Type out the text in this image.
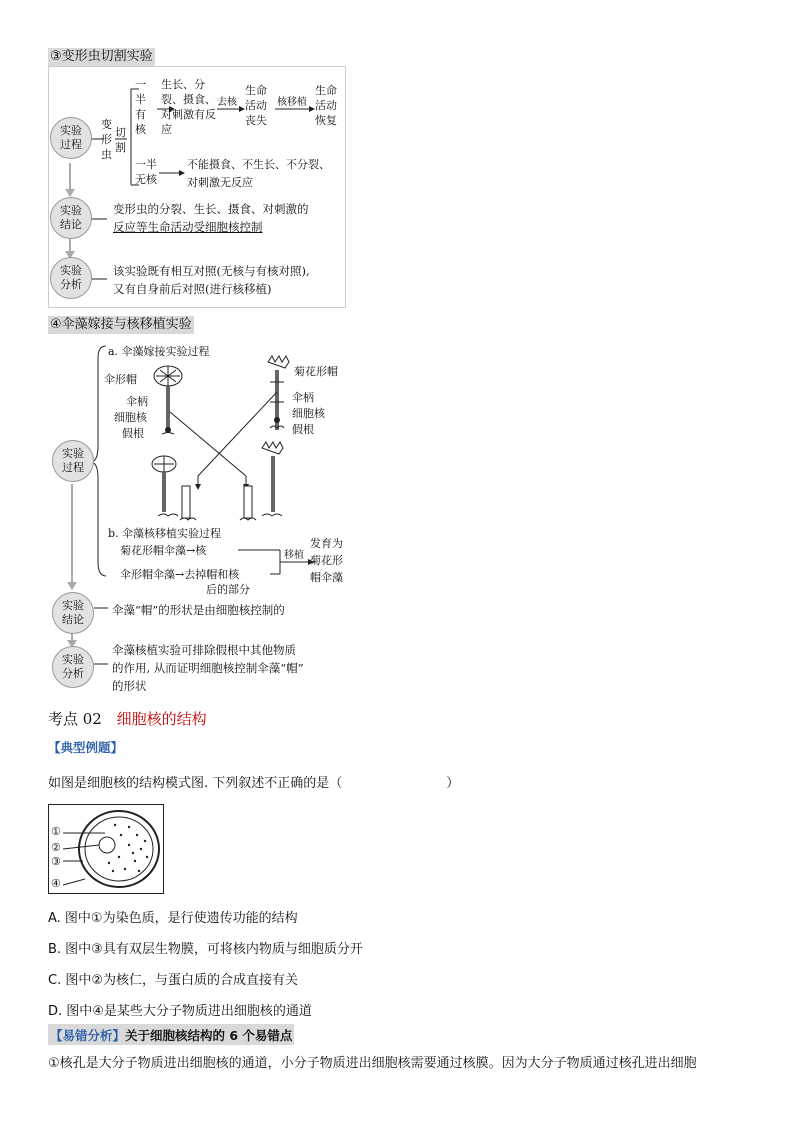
③变形虫切割实验
实验过程
实验结论
实验分析
变形虫
切割
一半有核
生长、分裂、摄食、对刺激有反应
去核
生命活动丧失
核移植
生命活动恢复
一半无核
不能摄食、不生长、不分裂、
对刺激无反应
变形虫的分裂、生长、摄食、对刺激的
反应等生命活动受细胞核控制
该实验既有相互对照(无核与有核对照),
又有自身前后对照(进行核移植)
④伞藻嫁接与核移植实验
实验过程
实验结论
实验分析
a. 伞藻嫁接实验过程
伞形帽
伞柄
细胞核
假根
菊花形帽
伞柄
细胞核
假根
b. 伞藻核移植实验过程
菊花形帽伞藻→核
伞形帽伞藻→去掉帽和核
后的部分
移植
发育为
菊花形
帽伞藻
伞藻“帽”的形状是由细胞核控制的
伞藻核植实验可排除假根中其他物质
的作用, 从而证明细胞核控制伞藻“帽”
的形状
考点 02 细胞核的结构
【典型例题】
如图是细胞核的结构模式图. 下列叙述不正确的是（　　　　　　　　）
①
②
③
④
A. 图中①为染色质，是行使遗传功能的结构
B. 图中③具有双层生物膜，可将核内物质与细胞质分开
C. 图中②为核仁，与蛋白质的合成直接有关
D. 图中④是某些大分子物质进出细胞核的通道
【易错分析】关于细胞核结构的 6 个易错点
①核孔是大分子物质进出细胞核的通道，小分子物质进出细胞核需要通过核膜。因为大分子物质通过核孔进出细胞
